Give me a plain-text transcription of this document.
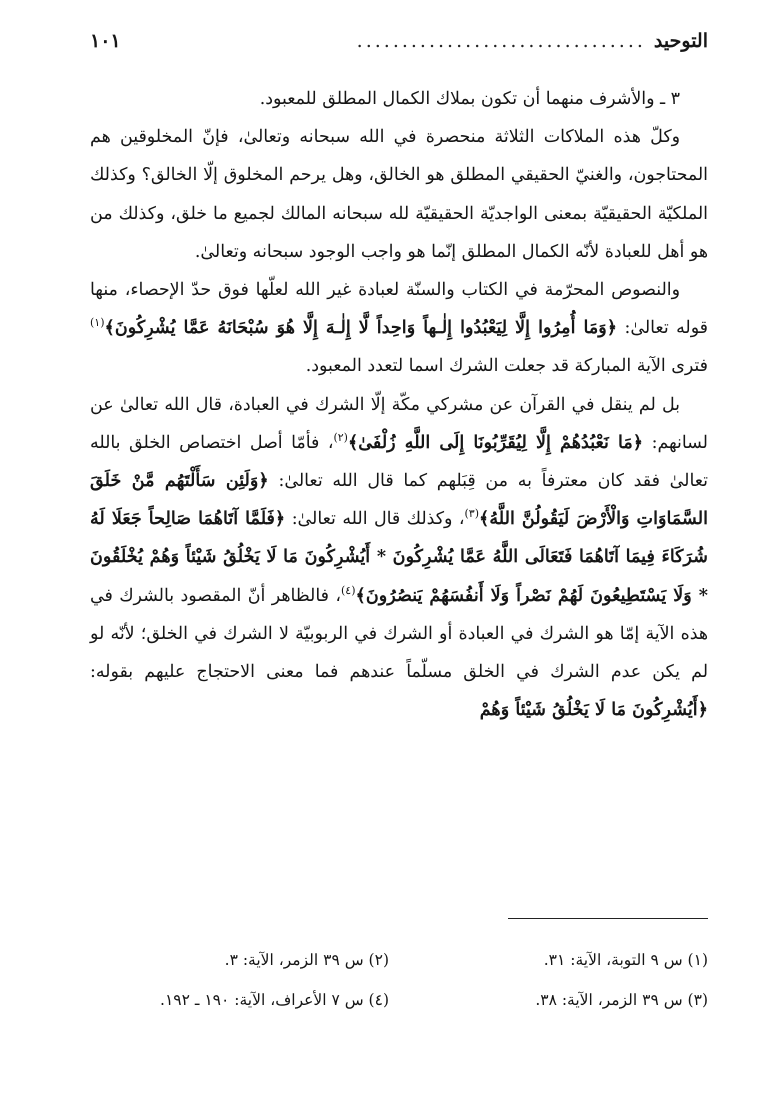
التوحيد
................................
١٠١

٣ ـ والأشرف منهما أن تكون بملاك الكمال المطلق للمعبود.

وكلّ هذه الملاكات الثلاثة منحصرة في الله سبحانه وتعالىٰ، فإنّ المخلوقين هم المحتاجون، والغنيّ الحقيقي المطلق هو الخالق، وهل يرحم المخلوق إلّا الخالق؟ وكذلك الملكيّة الحقيقيّة بمعنى الواجديّة الحقيقيّة لله سبحانه المالك لجميع ما خلق، وكذلك من هو أهل للعبادة لأنّه الكمال المطلق إنّما هو واجب الوجود سبحانه وتعالىٰ.

والنصوص المحرّمة في الكتاب والسنّة لعبادة غير الله لعلّها فوق حدّ الإحصاء، منها قوله تعالىٰ: ﴿وَمَا أُمِرُوا إِلَّا لِيَعْبُدُوا إِلٰـهاً وَاحِداً لَّا إِلٰـهَ إِلَّا هُوَ سُبْحَانَهُ عَمَّا يُشْرِكُونَ﴾$^{(١)}$ فترى الآية المباركة قد جعلت الشرك اسما لتعدد المعبود.

بل لم ينقل في القرآن عن مشركي مكّة إلّا الشرك في العبادة، قال الله تعالىٰ عن لسانهم: ﴿مَا نَعْبُدُهُمْ إِلَّا لِيُقَرِّبُونَا إِلَى اللَّهِ زُلْفَىٰ﴾$^{(٢)}$، فأمّا أصل اختصاص الخلق بالله تعالىٰ فقد كان معترفاً به من قِبَلهم كما قال الله تعالىٰ: ﴿وَلَئِن سَأَلْتَهُم مَّنْ خَلَقَ السَّمَاوَاتِ وَالْأَرْضَ لَيَقُولُنَّ اللَّهُ﴾$^{(٣)}$، وكذلك قال الله تعالىٰ: ﴿فَلَمَّا آتَاهُمَا صَالِحاً جَعَلَا لَهُ شُرَكَاءَ فِيمَا آتَاهُمَا فَتَعَالَى اللَّهُ عَمَّا يُشْرِكُونَ * أَيُشْرِكُونَ مَا لَا يَخْلُقُ شَيْئاً وَهُمْ يُخْلَقُونَ * وَلَا يَسْتَطِيعُونَ لَهُمْ نَصْراً وَلَا أَنفُسَهُمْ يَنصُرُونَ﴾$^{(٤)}$، فالظاهر أنّ المقصود بالشرك في هذه الآية إمّا هو الشرك في العبادة أو الشرك في الربوبيّة لا الشرك في الخلق؛ لأنّه لو لم يكن عدم الشرك في الخلق مسلّماً عندهم فما معنى الاحتجاج عليهم بقوله: ﴿أَيُشْرِكُونَ مَا لَا يَخْلُقُ شَيْئاً وَهُمْ

(١) س ٩ التوبة، الآية: ٣١.
(٢) س ٣٩ الزمر، الآية: ٣.
(٣) س ٣٩ الزمر، الآية: ٣٨.
(٤) س ٧ الأعراف، الآية: ١٩٠ ـ ١٩٢.
